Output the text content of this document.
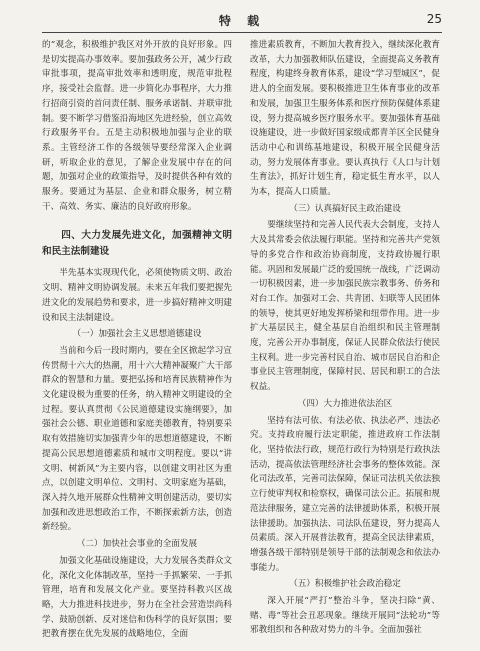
特 载	25

的”观念，积极维护我区对外开放的良好形象。四是切实提高办事效率。要加强政务公开，减少行政审批事项，提高审批效率和透明度，规范审批程序，接受社会监督。进一步简化办事程序，大力推行招商引资的首问责任制、服务承诺制、并联审批制。要不断学习借鉴沿海地区先进经验，创立高效行政服务平台。五是主动积极地加强与企业的联系。主管经济工作的各级领导要经常深入企业调研，听取企业的意见，了解企业发展中存在的问题，加强对企业的政策指导，及时提供各种有效的服务。要通过为基层、企业和群众服务，树立精干、高效、务实、廉洁的良好政府形象。

四、大力发展先进文化，加强精神文明和民主法制建设

半先基本实现现代化，必须使物质文明、政治文明、精神文明协调发展。未来五年我们要把握先进文化的发展趋势和要求，进一步搞好精神文明建设和民主法制建设。

（一）加强社会主义思想道德建设

当前和今后一段时期内，要在全区掀起学习宣传贯彻十六大的热潮，用十六大精神凝聚广大干部群众的智慧和力量。要把弘扬和培育民族精神作为文化建设极为重要的任务，纳入精神文明建设的全过程。要认真贯彻《公民道德建设实施纲要》，加强社会公德、职业道德和家庭美德教育，特别要采取有效措施切实加强青少年的思想道德建设，不断提高公民思想道德素质和城市文明程度。要以“讲文明、树新风”为主要内容，以创建文明社区为重点，以创建文明单位、文明村、文明家庭为基础，深入持久地开展群众性精神文明创建活动，要切实加强和改进思想政治工作，不断探索新方法，创造新经验。

（二）加快社会事业的全面发展

加强文化基础设施建设，大力发展各类群众文化，深化文化体制改革，坚持一手抓繁荣、一手抓管理，培育和发展文化产业。要坚持科教兴区战略，大力推进科技进步，努力在全社会营造崇尚科学、鼓励创新、反对迷信和伪科学的良好氛围；要把教育摆在优先发展的战略地位，全面

推进素质教育，不断加大教育投入，继续深化教育改革，大力加强教师队伍建设，全面提高义务教育程度，构建终身教育体系，建设“学习型城区”，促进人的全面发展。要积极推进卫生体育事业的改革和发展，加强卫生服务体系和医疗预防保健体系建设，努力提高城乡医疗服务水平。要加强体育基础设施建设，进一步做好国家级成都青羊区全民健身活动中心和训练基地建设，积极开展全民健身活动，努力发展体育事业。要认真执行《人口与计划生育法》，抓好计划生育，稳定低生育水平，以人为本，提高人口质量。

（三）认真搞好民主政治建设

要继续坚持和完善人民代表大会制度，支持人大及其常委会依法履行职能。坚持和完善共产党领导的多党合作和政治协商制度，支持政协履行职能。巩固和发展最广泛的爱国统一战线，广泛调动一切积极因素，进一步加强民族宗教事务、侨务和对台工作。加强对工会、共青团、妇联等人民团体的领导，使其更好地发挥桥梁和纽带作用。进一步扩大基层民主，健全基层自治组织和民主管理制度，完善公开办事制度，保证人民群众依法行使民主权利。进一步完善村民自治、城市居民自治和企事业民主管理制度，保障村民、居民和职工的合法权益。

（四）大力推进依法治区

坚持有法可依、有法必依、执法必严、违法必究。支持政府履行法定职能，推进政府工作法制化，坚持依法行政，规范行政行为特别是行政执法活动，提高依法管理经济社会事务的整体效能。深化司法改革，完善司法保障，保证司法机关依法独立行使审判权和检察权，确保司法公正。拓展和规范法律服务，建立完善的法律援助体系，积极开展法律援助。加强执法、司法队伍建设，努力提高人员素质。深入开展普法教育，提高全民法律素质，增强各级干部特别是领导干部的法制观念和依法办事能力。

（五）积极维护社会政治稳定

深入开展“严打”整治斗争，坚决扫除“黄、赌、毒”等社会丑恶现象。继续开展同“法轮功”等邪教组织和各种敌对势力的斗争。全面加强社
